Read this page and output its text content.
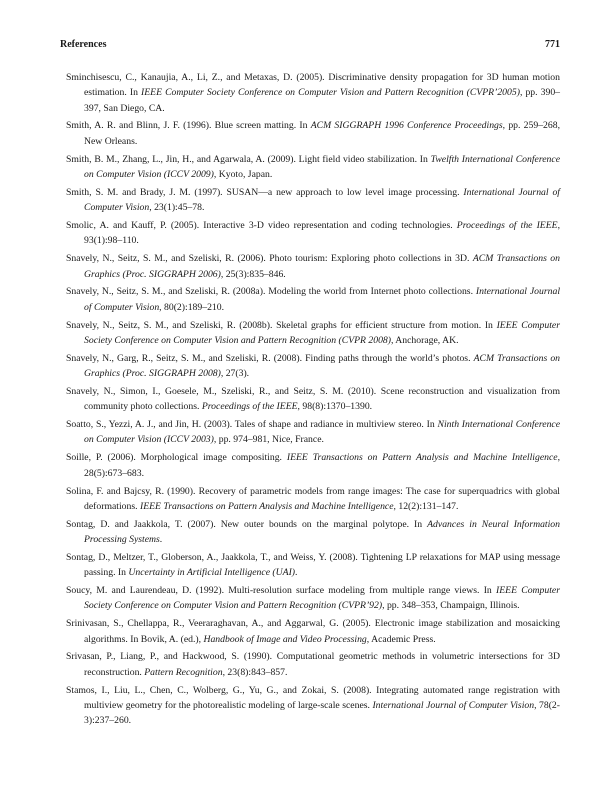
References	771

Sminchisescu, C., Kanaujia, A., Li, Z., and Metaxas, D. (2005). Discriminative density propagation for 3D human motion estimation. In IEEE Computer Society Conference on Computer Vision and Pattern Recognition (CVPR’2005), pp. 390–397, San Diego, CA.

Smith, A. R. and Blinn, J. F. (1996). Blue screen matting. In ACM SIGGRAPH 1996 Conference Proceedings, pp. 259–268, New Orleans.

Smith, B. M., Zhang, L., Jin, H., and Agarwala, A. (2009). Light field video stabilization. In Twelfth International Conference on Computer Vision (ICCV 2009), Kyoto, Japan.

Smith, S. M. and Brady, J. M. (1997). SUSAN—a new approach to low level image processing. International Journal of Computer Vision, 23(1):45–78.

Smolic, A. and Kauff, P. (2005). Interactive 3-D video representation and coding technologies. Proceedings of the IEEE, 93(1):98–110.

Snavely, N., Seitz, S. M., and Szeliski, R. (2006). Photo tourism: Exploring photo collections in 3D. ACM Transactions on Graphics (Proc. SIGGRAPH 2006), 25(3):835–846.

Snavely, N., Seitz, S. M., and Szeliski, R. (2008a). Modeling the world from Internet photo collections. International Journal of Computer Vision, 80(2):189–210.

Snavely, N., Seitz, S. M., and Szeliski, R. (2008b). Skeletal graphs for efficient structure from motion. In IEEE Computer Society Conference on Computer Vision and Pattern Recognition (CVPR 2008), Anchorage, AK.

Snavely, N., Garg, R., Seitz, S. M., and Szeliski, R. (2008). Finding paths through the world’s photos. ACM Transactions on Graphics (Proc. SIGGRAPH 2008), 27(3).

Snavely, N., Simon, I., Goesele, M., Szeliski, R., and Seitz, S. M. (2010). Scene reconstruction and visualization from community photo collections. Proceedings of the IEEE, 98(8):1370–1390.

Soatto, S., Yezzi, A. J., and Jin, H. (2003). Tales of shape and radiance in multiview stereo. In Ninth International Conference on Computer Vision (ICCV 2003), pp. 974–981, Nice, France.

Soille, P. (2006). Morphological image compositing. IEEE Transactions on Pattern Analysis and Machine Intelligence, 28(5):673–683.

Solina, F. and Bajcsy, R. (1990). Recovery of parametric models from range images: The case for superquadrics with global deformations. IEEE Transactions on Pattern Analysis and Machine Intelligence, 12(2):131–147.

Sontag, D. and Jaakkola, T. (2007). New outer bounds on the marginal polytope. In Advances in Neural Information Processing Systems.

Sontag, D., Meltzer, T., Globerson, A., Jaakkola, T., and Weiss, Y. (2008). Tightening LP relaxations for MAP using message passing. In Uncertainty in Artificial Intelligence (UAI).

Soucy, M. and Laurendeau, D. (1992). Multi-resolution surface modeling from multiple range views. In IEEE Computer Society Conference on Computer Vision and Pattern Recognition (CVPR’92), pp. 348–353, Champaign, Illinois.

Srinivasan, S., Chellappa, R., Veeraraghavan, A., and Aggarwal, G. (2005). Electronic image stabilization and mosaicking algorithms. In Bovik, A. (ed.), Handbook of Image and Video Processing, Academic Press.

Srivasan, P., Liang, P., and Hackwood, S. (1990). Computational geometric methods in volumetric intersections for 3D reconstruction. Pattern Recognition, 23(8):843–857.

Stamos, I., Liu, L., Chen, C., Wolberg, G., Yu, G., and Zokai, S. (2008). Integrating automated range registration with multiview geometry for the photorealistic modeling of large-scale scenes. International Journal of Computer Vision, 78(2-3):237–260.
